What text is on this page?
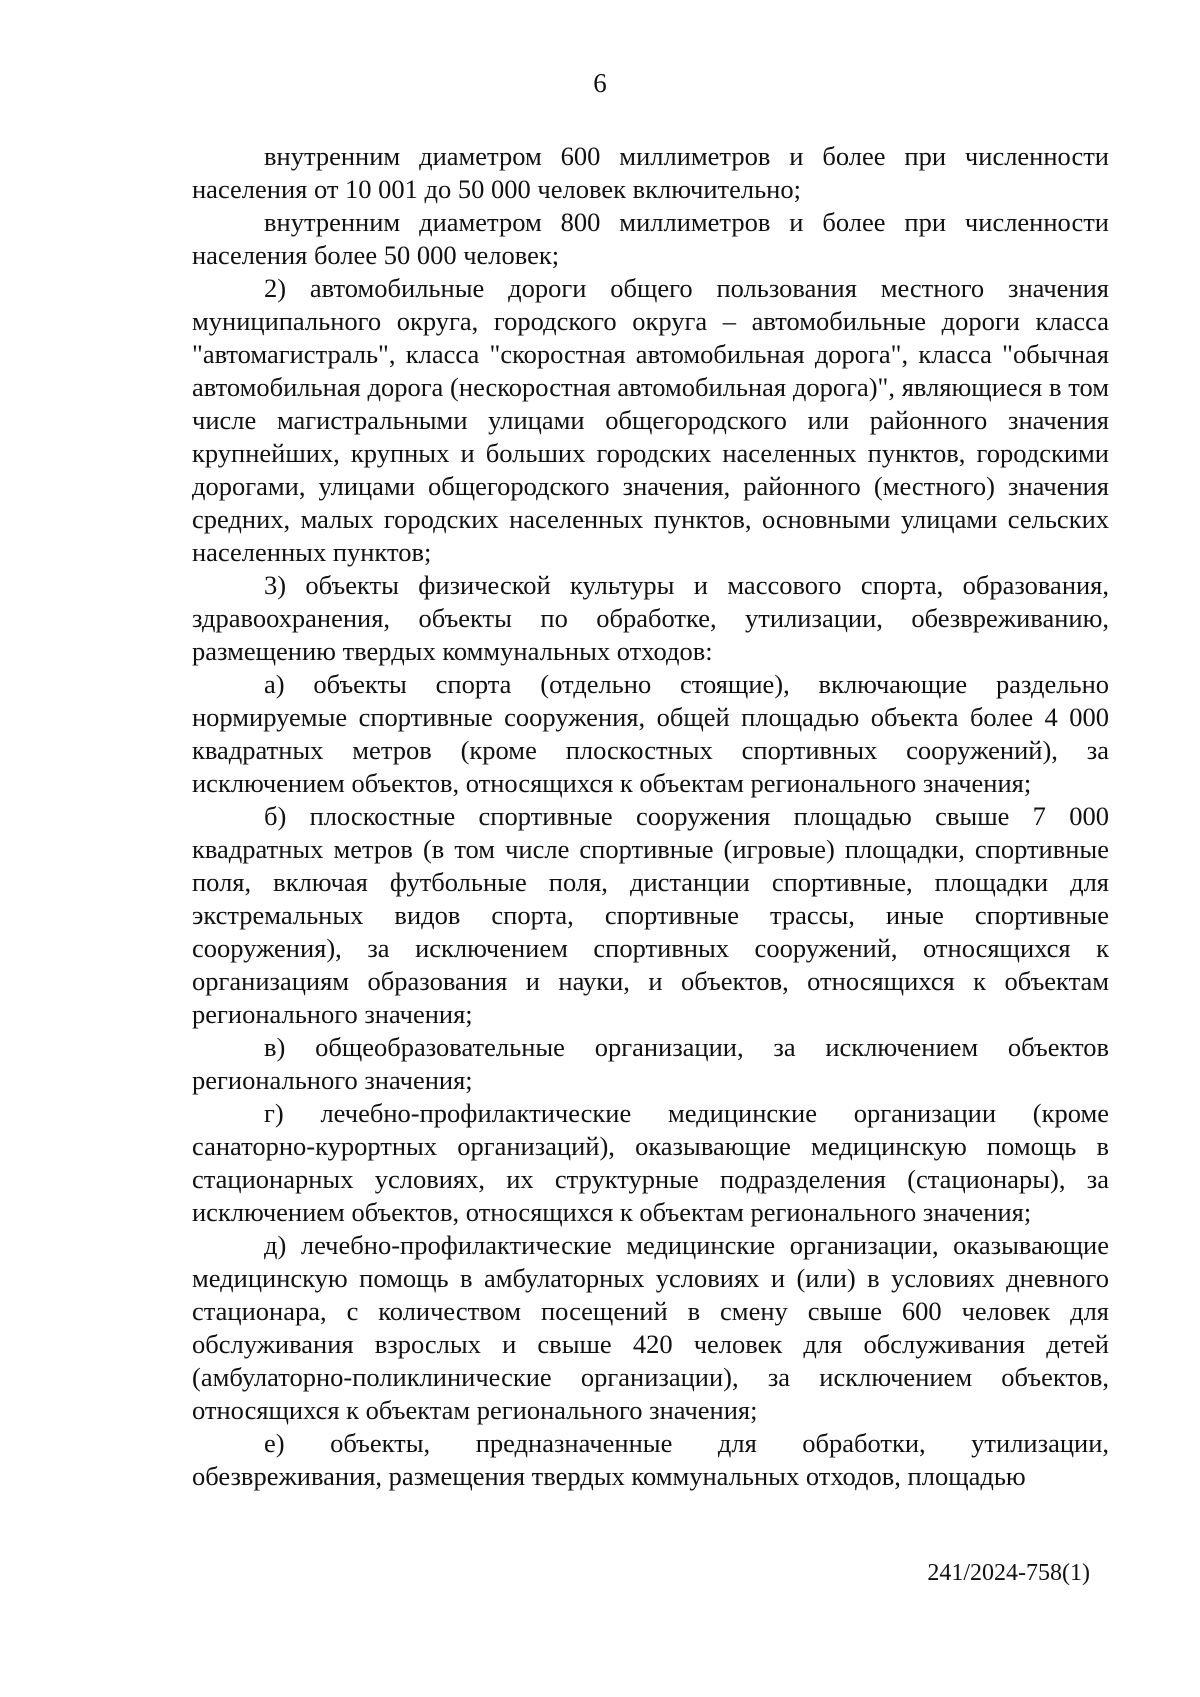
6

внутренним диаметром 600 миллиметров и более при численности населения от 10 001 до 50 000 человек включительно;

внутренним диаметром 800 миллиметров и более при численности населения более 50 000 человек;

2) автомобильные дороги общего пользования местного значения муниципального округа, городского округа – автомобильные дороги класса "автомагистраль", класса "скоростная автомобильная дорога", класса "обычная автомобильная дорога (нескоростная автомобильная дорога)", являющиеся в том числе магистральными улицами общегородского или районного значения крупнейших, крупных и больших городских населенных пунктов, городскими дорогами, улицами общегородского значения, районного (местного) значения средних, малых городских населенных пунктов, основными улицами сельских населенных пунктов;

3) объекты физической культуры и массового спорта, образования, здравоохранения, объекты по обработке, утилизации, обезвреживанию, размещению твердых коммунальных отходов:

а) объекты спорта (отдельно стоящие), включающие раздельно нормируемые спортивные сооружения, общей площадью объекта более 4 000 квадратных метров (кроме плоскостных спортивных сооружений), за исключением объектов, относящихся к объектам регионального значения;

б) плоскостные спортивные сооружения площадью свыше 7 000 квадратных метров (в том числе спортивные (игровые) площадки, спортивные поля, включая футбольные поля, дистанции спортивные, площадки для экстремальных видов спорта, спортивные трассы, иные спортивные сооружения), за исключением спортивных сооружений, относящихся к организациям образования и науки, и объектов, относящихся к объектам регионального значения;

в) общеобразовательные организации, за исключением объектов регионального значения;

г) лечебно-профилактические медицинские организации (кроме санаторно-курортных организаций), оказывающие медицинскую помощь в стационарных условиях, их структурные подразделения (стационары), за исключением объектов, относящихся к объектам регионального значения;

д) лечебно-профилактические медицинские организации, оказывающие медицинскую помощь в амбулаторных условиях и (или) в условиях дневного стационара, с количеством посещений в смену свыше 600 человек для обслуживания взрослых и свыше 420 человек для обслуживания детей (амбулаторно-поликлинические организации), за исключением объектов, относящихся к объектам регионального значения;

е) объекты, предназначенные для обработки, утилизации, обезвреживания, размещения твердых коммунальных отходов, площадью

241/2024-758(1)
